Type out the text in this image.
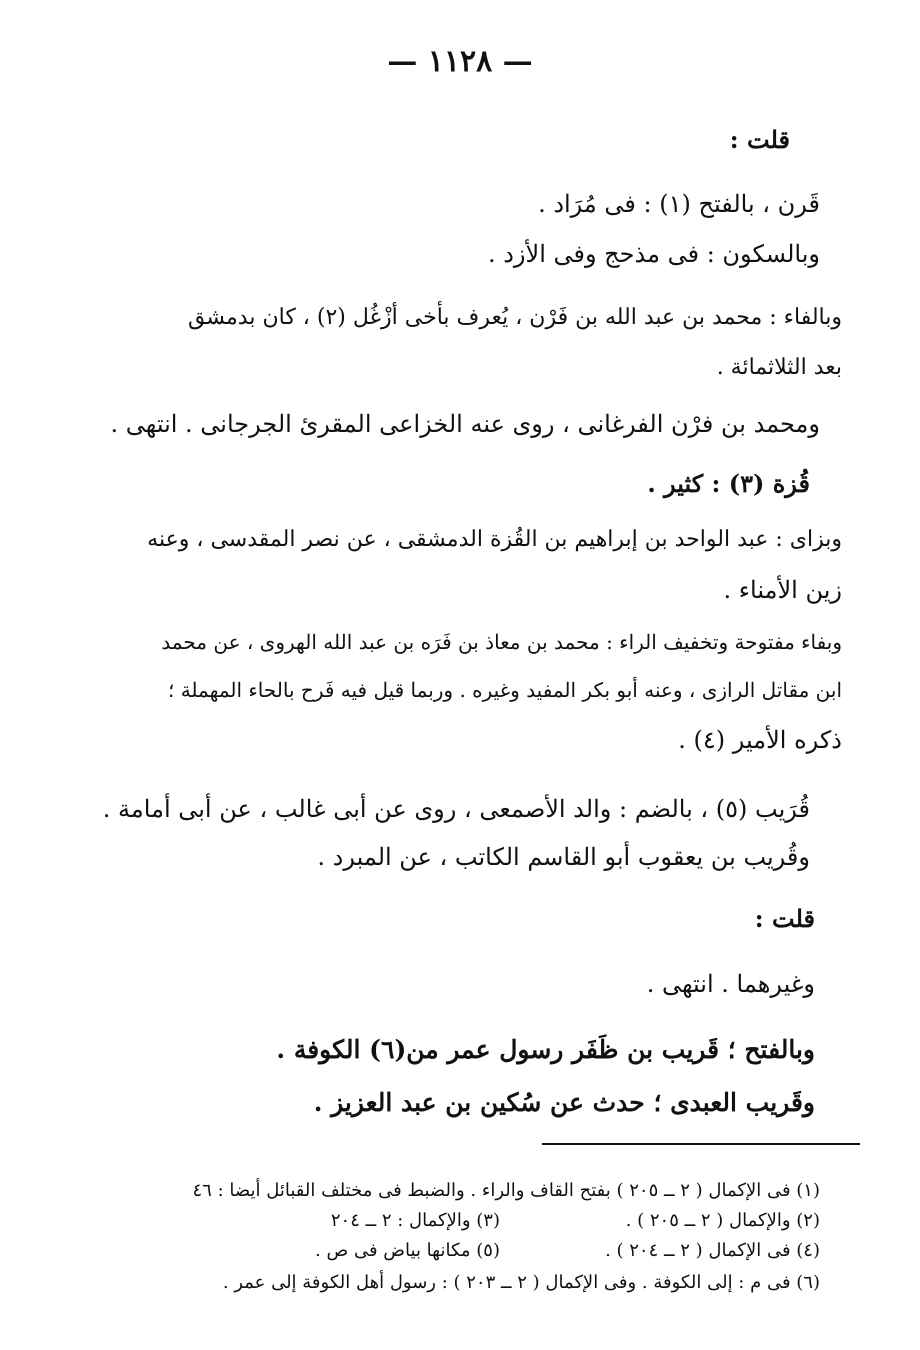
— ١١٢٨ —
قلت :
قَرن ، بالفتح (١) : فى مُرَاد .
وبالسكون : فى مذحج وفى الأزد .
وبالفاء : محمد بن عبد الله بن فَرْن ، يُعرف بأخى أزْغُل (٢) ، كان بدمشق
بعد الثلاثمائة .
ومحمد بن فرْن الفرغانى ، روى عنه الخزاعى المقرئ الجرجانى . انتهى .
قُزة (٣) : كثير .
وبزاى : عبد الواحد بن إبراهيم بن القُزة الدمشقى ، عن نصر المقدسى ، وعنه
زين الأمناء .
وبفاء مفتوحة وتخفيف الراء : محمد بن معاذ بن فَرَه بن عبد الله الهروى ، عن محمد
ابن مقاتل الرازى ، وعنه أبو بكر المفيد وغيره . وربما قيل فيه فَرح بالحاء المهملة ؛
ذكره الأمير (٤) .
قُرَيب (٥) ، بالضم : والد الأصمعى ، روى عن أبى غالب ، عن أبى أمامة .
وقُريب بن يعقوب أبو القاسم الكاتب ، عن المبرد .
قلت :
وغيرهما . انتهى .
وبالفتح ؛ قَريب بن ظَفَر رسول عمر من(٦) الكوفة .
وقَريب العبدى ؛ حدث عن سُكين بن عبد العزيز .
(١) فى الإكمال ( ٢ ــ ٢٠٥ ) بفتح القاف والراء . والضبط فى مختلف القبائل أيضا : ٤٦
(٢) والإكمال ( ٢ ــ ٢٠٥ ) .
(٣) والإكمال : ٢ ــ ٢٠٤
(٤) فى الإكمال ( ٢ ــ ٢٠٤ ) .
(٥) مكانها بياض فى ص .
(٦) فى م : إلى الكوفة . وفى الإكمال ( ٢ ــ ٢٠٣ ) : رسول أهل الكوفة إلى عمر .
